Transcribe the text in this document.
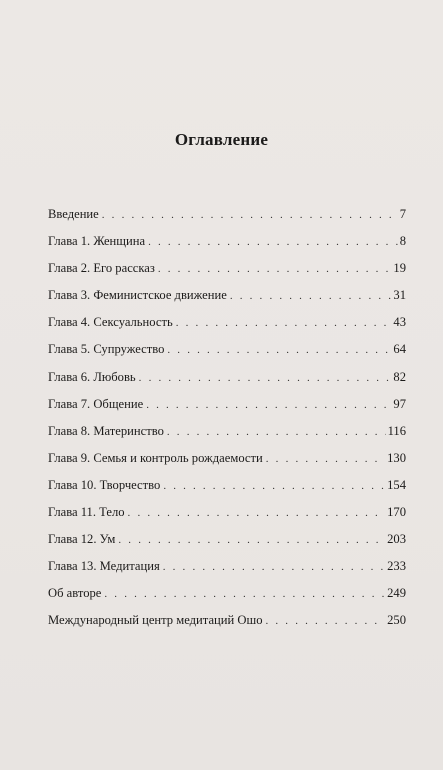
Оглавление
Введение . . .	7
Глава 1. Женщина . . .	8
Глава 2. Его рассказ . . .	19
Глава 3. Феминистское движение . . .	31
Глава 4. Сексуальность . . .	43
Глава 5. Супружество . . .	64
Глава 6. Любовь . . .	82
Глава 7. Общение . . .	97
Глава 8. Материнство . . .	116
Глава 9. Семья и контроль рождаемости . . .	130
Глава 10. Творчество . . .	154
Глава 11. Тело . . .	170
Глава 12. Ум . . .	203
Глава 13. Медитация . . .	233
Об авторе . . .	249
Международный центр медитаций Ошо . . .	250
